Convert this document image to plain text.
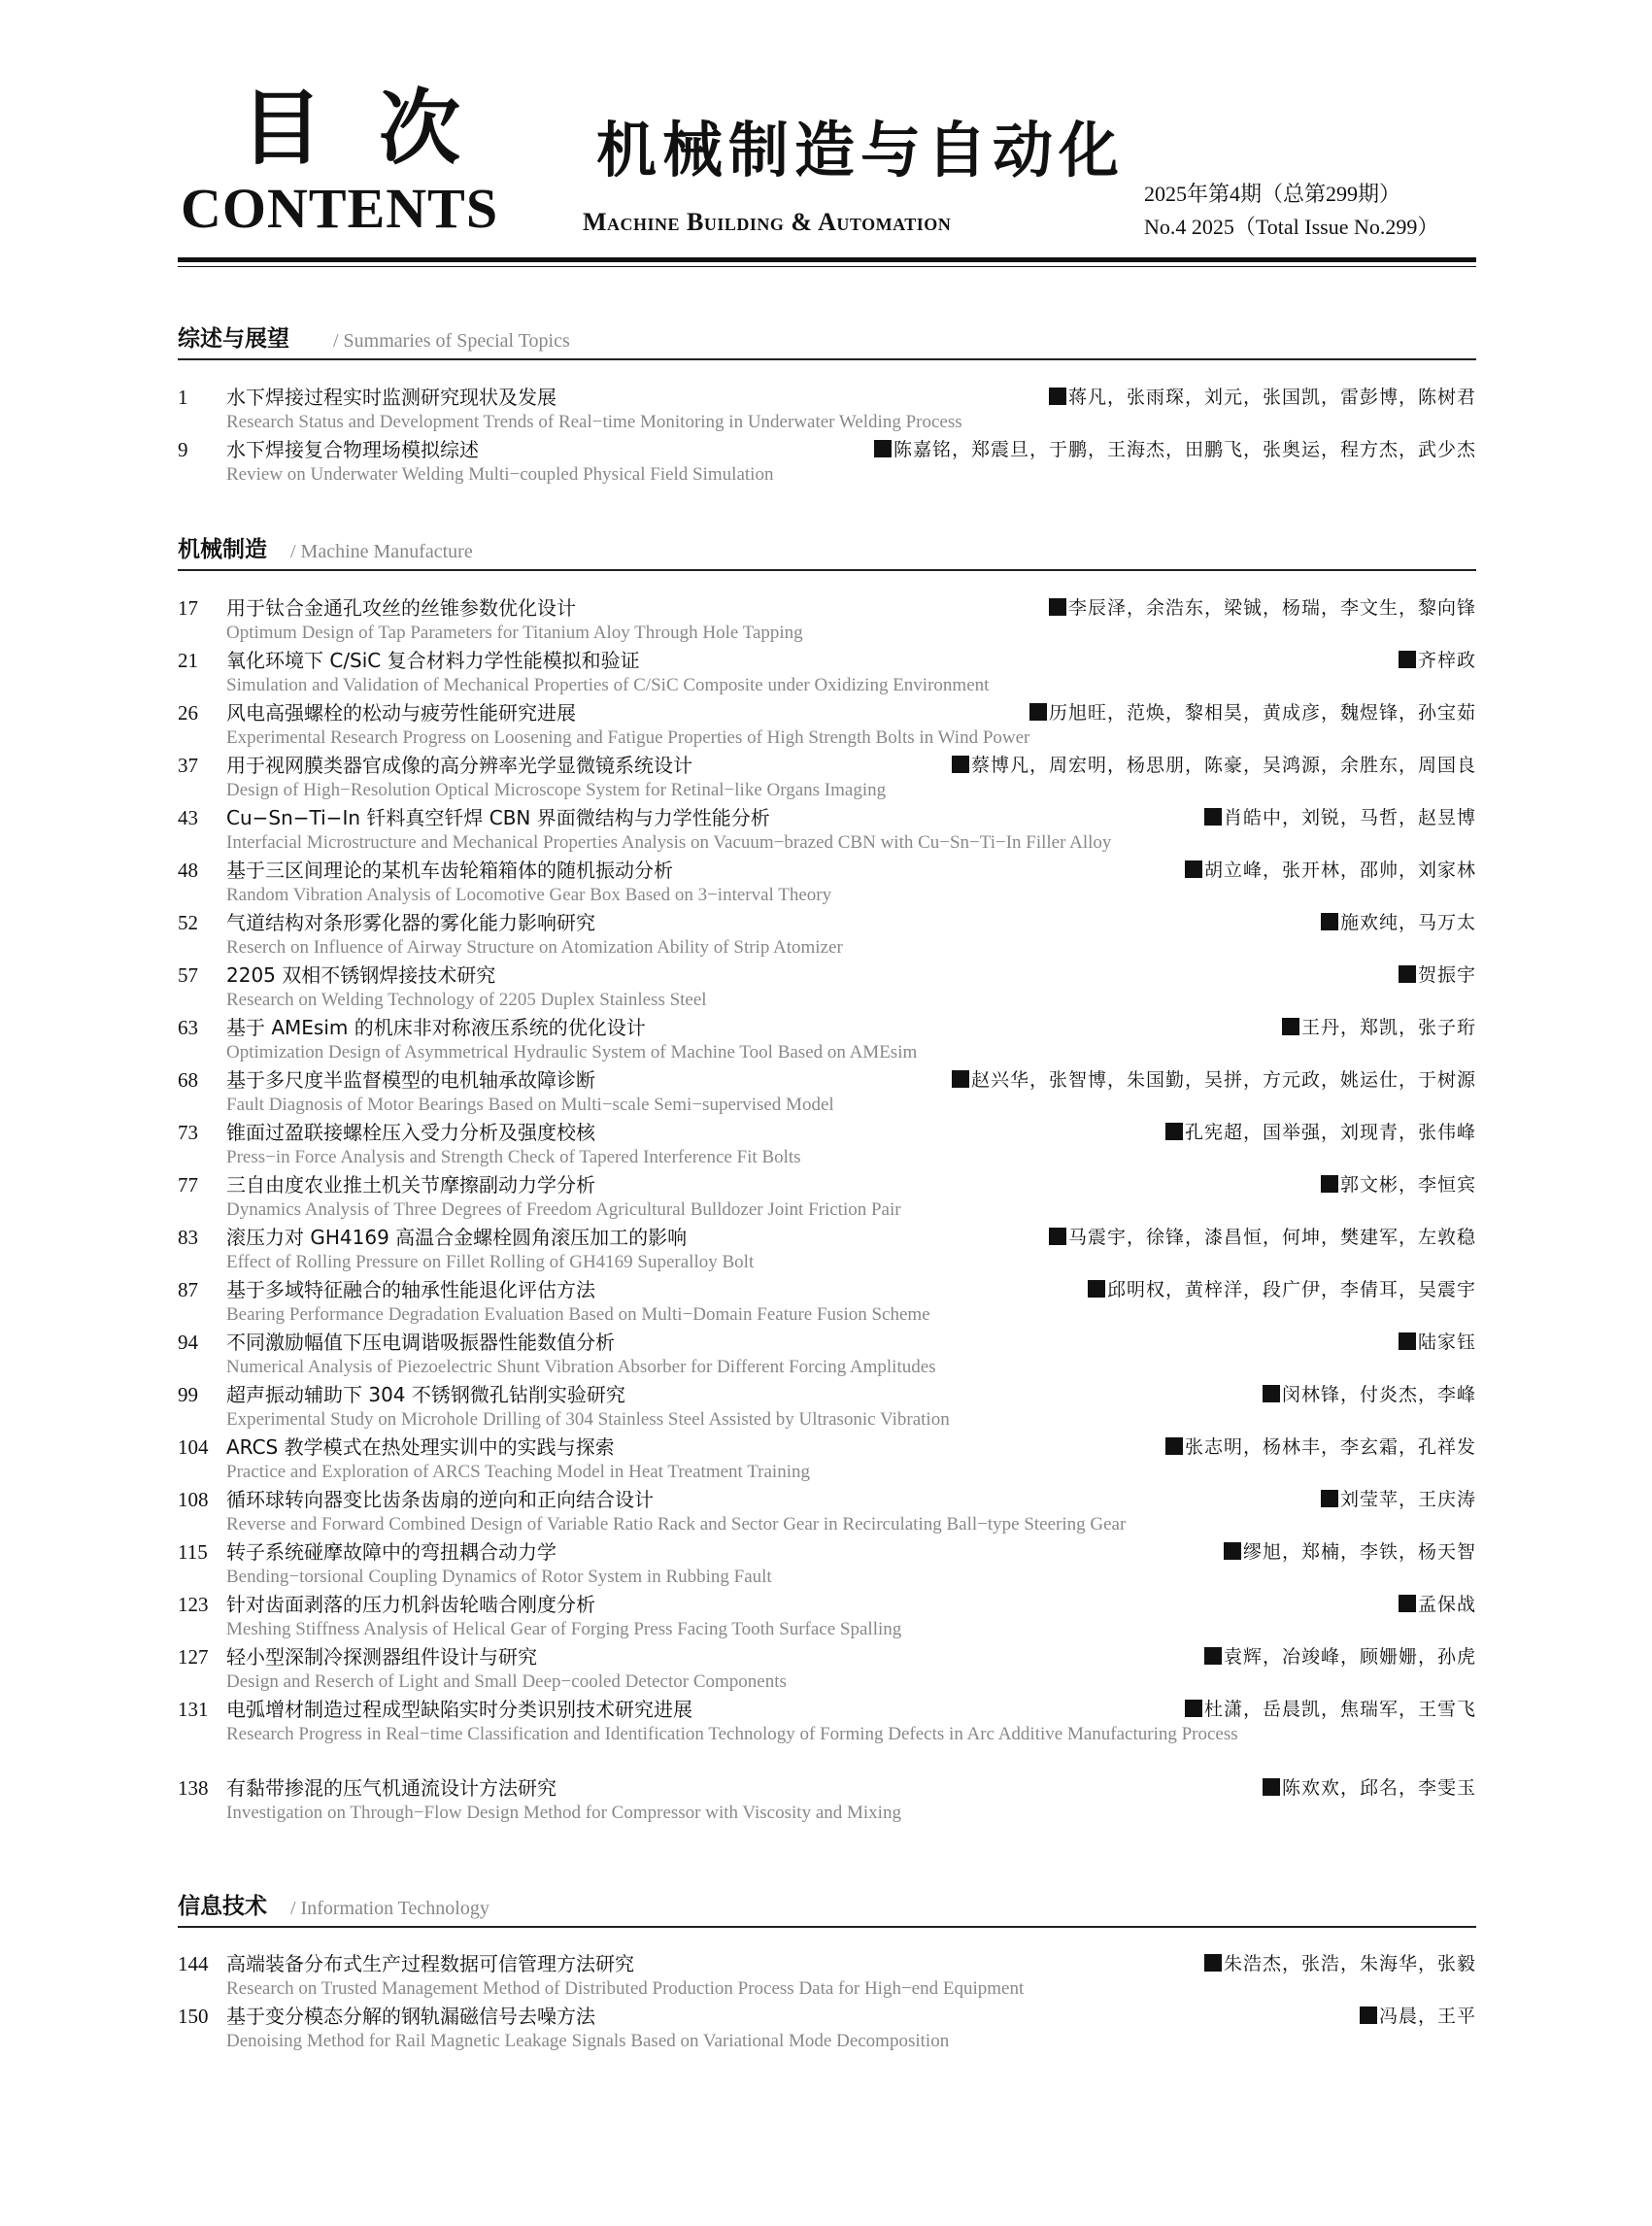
目次
CONTENTS
机械制造与自动化
Machine Building & Automation
2025年第4期（总第299期）
No.4 2025（Total Issue No.299）
综述与展望 / Summaries of Special Topics
1 水下焊接过程实时监测研究现状及发展	蒋凡，张雨琛，刘元，张国凯，雷彭博，陈树君
Research Status and Development Trends of Real−time Monitoring in Underwater Welding Process
9 水下焊接复合物理场模拟综述	陈嘉铭，郑震旦，于鹏，王海杰，田鹏飞，张奥运，程方杰，武少杰
Review on Underwater Welding Multi−coupled Physical Field Simulation
机械制造 / Machine Manufacture
17 用于钛合金通孔攻丝的丝锥参数优化设计	李辰泽，余浩东，梁铖，杨瑞，李文生，黎向锋
Optimum Design of Tap Parameters for Titanium Aloy Through Hole Tapping
21 氧化环境下 C/SiC 复合材料力学性能模拟和验证	齐梓政
Simulation and Validation of Mechanical Properties of C/SiC Composite under Oxidizing Environment
26 风电高强螺栓的松动与疲劳性能研究进展	历旭旺，范焕，黎相昊，黄成彦，魏煜锋，孙宝茹
Experimental Research Progress on Loosening and Fatigue Properties of High Strength Bolts in Wind Power
37 用于视网膜类器官成像的高分辨率光学显微镜系统设计	蔡博凡，周宏明，杨思朋，陈豪，吴鸿源，余胜东，周国良
Design of High−Resolution Optical Microscope System for Retinal−like Organs Imaging
43 Cu−Sn−Ti−In 钎料真空钎焊 CBN 界面微结构与力学性能分析	肖皓中，刘锐，马哲，赵昱博
Interfacial Microstructure and Mechanical Properties Analysis on Vacuum−brazed CBN with Cu−Sn−Ti−In Filler Alloy
48 基于三区间理论的某机车齿轮箱箱体的随机振动分析	胡立峰，张开林，邵帅，刘家林
Random Vibration Analysis of Locomotive Gear Box Based on 3−interval Theory
52 气道结构对条形雾化器的雾化能力影响研究	施欢纯，马万太
Reserch on Influence of Airway Structure on Atomization Ability of Strip Atomizer
57 2205 双相不锈钢焊接技术研究	贺振宇
Research on Welding Technology of 2205 Duplex Stainless Steel
63 基于 AMEsim 的机床非对称液压系统的优化设计	王丹，郑凯，张子珩
Optimization Design of Asymmetrical Hydraulic System of Machine Tool Based on AMEsim
68 基于多尺度半监督模型的电机轴承故障诊断	赵兴华，张智博，朱国勤，吴拼，方元政，姚运仕，于树源
Fault Diagnosis of Motor Bearings Based on Multi−scale Semi−supervised Model
73 锥面过盈联接螺栓压入受力分析及强度校核	孔宪超，国举强，刘现青，张伟峰
Press−in Force Analysis and Strength Check of Tapered Interference Fit Bolts
77 三自由度农业推土机关节摩擦副动力学分析	郭文彬，李恒宾
Dynamics Analysis of Three Degrees of Freedom Agricultural Bulldozer Joint Friction Pair
83 滚压力对 GH4169 高温合金螺栓圆角滚压加工的影响	马震宇，徐锋，漆昌恒，何坤，樊建军，左敦稳
Effect of Rolling Pressure on Fillet Rolling of GH4169 Superalloy Bolt
87 基于多域特征融合的轴承性能退化评估方法	邱明权，黄梓洋，段广伊，李倩耳，吴震宇
Bearing Performance Degradation Evaluation Based on Multi−Domain Feature Fusion Scheme
94 不同激励幅值下压电调谐吸振器性能数值分析	陆家钰
Numerical Analysis of Piezoelectric Shunt Vibration Absorber for Different Forcing Amplitudes
99 超声振动辅助下 304 不锈钢微孔钻削实验研究	闵林锋，付炎杰，李峰
Experimental Study on Microhole Drilling of 304 Stainless Steel Assisted by Ultrasonic Vibration
104 ARCS 教学模式在热处理实训中的实践与探索	张志明，杨林丰，李玄霜，孔祥发
Practice and Exploration of ARCS Teaching Model in Heat Treatment Training
108 循环球转向器变比齿条齿扇的逆向和正向结合设计	刘莹苹，王庆涛
Reverse and Forward Combined Design of Variable Ratio Rack and Sector Gear in Recirculating Ball−type Steering Gear
115 转子系统碰摩故障中的弯扭耦合动力学	缪旭，郑楠，李铁，杨天智
Bending−torsional Coupling Dynamics of Rotor System in Rubbing Fault
123 针对齿面剥落的压力机斜齿轮啮合刚度分析	孟保战
Meshing Stiffness Analysis of Helical Gear of Forging Press Facing Tooth Surface Spalling
127 轻小型深制冷探测器组件设计与研究	袁辉，冶竣峰，顾姗姗，孙虎
Design and Reserch of Light and Small Deep−cooled Detector Components
131 电弧增材制造过程成型缺陷实时分类识别技术研究进展	杜潇，岳晨凯，焦瑞军，王雪飞
Research Progress in Real−time Classification and Identification Technology of Forming Defects in Arc Additive Manufacturing Process
138 有黏带掺混的压气机通流设计方法研究	陈欢欢，邱名，李雯玉
Investigation on Through−Flow Design Method for Compressor with Viscosity and Mixing
信息技术 / Information Technology
144 高端装备分布式生产过程数据可信管理方法研究	朱浩杰，张浩，朱海华，张毅
Research on Trusted Management Method of Distributed Production Process Data for High−end Equipment
150 基于变分模态分解的钢轨漏磁信号去噪方法	冯晨，王平
Denoising Method for Rail Magnetic Leakage Signals Based on Variational Mode Decomposition
